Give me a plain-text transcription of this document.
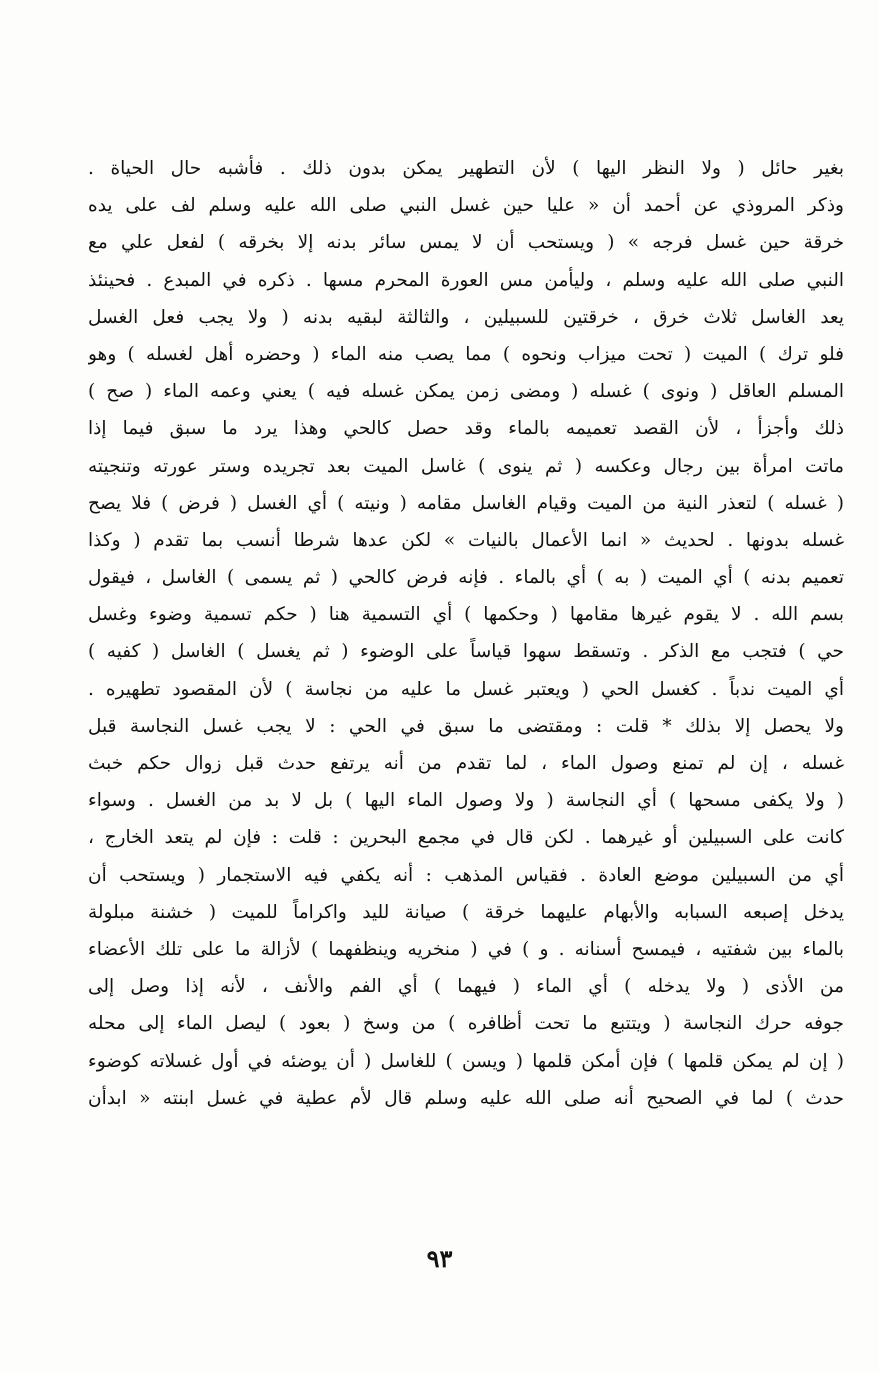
بغير حائل ( ولا النظر اليها ) لأن التطهير يمكن بدون ذلك . فأشبه حال الحياة .
وذكر المروذي عن أحمد أن « عليا حين غسل النبي صلى الله عليه وسلم لف على يده
خرقة حين غسل فرجه » ( ويستحب أن لا يمس سائر بدنه إلا بخرقه ) لفعل علي مع
النبي صلى الله عليه وسلم ، وليأمن مس العورة المحرم مسها . ذكره في المبدع . فحينئذ
يعد الغاسل ثلاث خرق ، خرقتين للسبيلين ، والثالثة لبقيه بدنه ( ولا يجب فعل الغسل
فلو ترك ) الميت ( تحت ميزاب ونحوه ) مما يصب منه الماء ( وحضره أهل لغسله ) وهو
المسلم العاقل ( ونوى ) غسله ( ومضى زمن يمكن غسله فيه ) يعني وعمه الماء ( صح )
ذلك وأجزأ ، لأن القصد تعميمه بالماء وقد حصل كالحي وهذا يرد ما سبق فيما إذا
ماتت امرأة بين رجال وعكسه ( ثم ينوى ) غاسل الميت بعد تجريده وستر عورته وتنجيته
( غسله ) لتعذر النية من الميت وقيام الغاسل مقامه ( ونيته ) أي الغسل ( فرض ) فلا يصح
غسله بدونها . لحديث « انما الأعمال بالنيات » لكن عدها شرطا أنسب بما تقدم ( وكذا
تعميم بدنه ) أي الميت ( به ) أي بالماء . فإنه فرض كالحي ( ثم يسمى ) الغاسل ، فيقول
بسم الله . لا يقوم غيرها مقامها ( وحكمها ) أي التسمية هنا ( حكم تسمية وضوء وغسل
حي ) فتجب مع الذكر . وتسقط سهوا قياساً على الوضوء ( ثم يغسل ) الغاسل ( كفيه )
أي الميت ندباً . كغسل الحي ( ويعتبر غسل ما عليه من نجاسة ) لأن المقصود تطهيره .
ولا يحصل إلا بذلك * قلت : ومقتضى ما سبق في الحي : لا يجب غسل النجاسة قبل
غسله ، إن لم تمنع وصول الماء ، لما تقدم من أنه يرتفع حدث قبل زوال حكم خبث
( ولا يكفى مسحها ) أي النجاسة ( ولا وصول الماء اليها ) بل لا بد من الغسل . وسواء
كانت على السبيلين أو غيرهما . لكن قال في مجمع البحرين : قلت : فإن لم يتعد الخارج ،
أي من السبيلين موضع العادة . فقياس المذهب : أنه يكفي فيه الاستجمار ( ويستحب أن
يدخل إصبعه السبابه والأبهام عليهما خرقة ) صيانة لليد واكراماً للميت ( خشنة مبلولة
بالماء بين شفتيه ، فيمسح أسنانه . و ) في ( منخريه وينظفهما ) لأزالة ما على تلك الأعضاء
من الأذى ( ولا يدخله ) أي الماء ( فيهما ) أي الفم والأنف ، لأنه إذا وصل إلى
جوفه حرك النجاسة ( ويتتبع ما تحت أظافره ) من وسخ ( بعود ) ليصل الماء إلى محله
( إن لم يمكن قلمها ) فإن أمكن قلمها ( ويسن ) للغاسل ( أن يوضئه في أول غسلاته كوضوء
حدث ) لما في الصحيح أنه صلى الله عليه وسلم قال لأم عطية في غسل ابنته « ابدأن
٩٣
